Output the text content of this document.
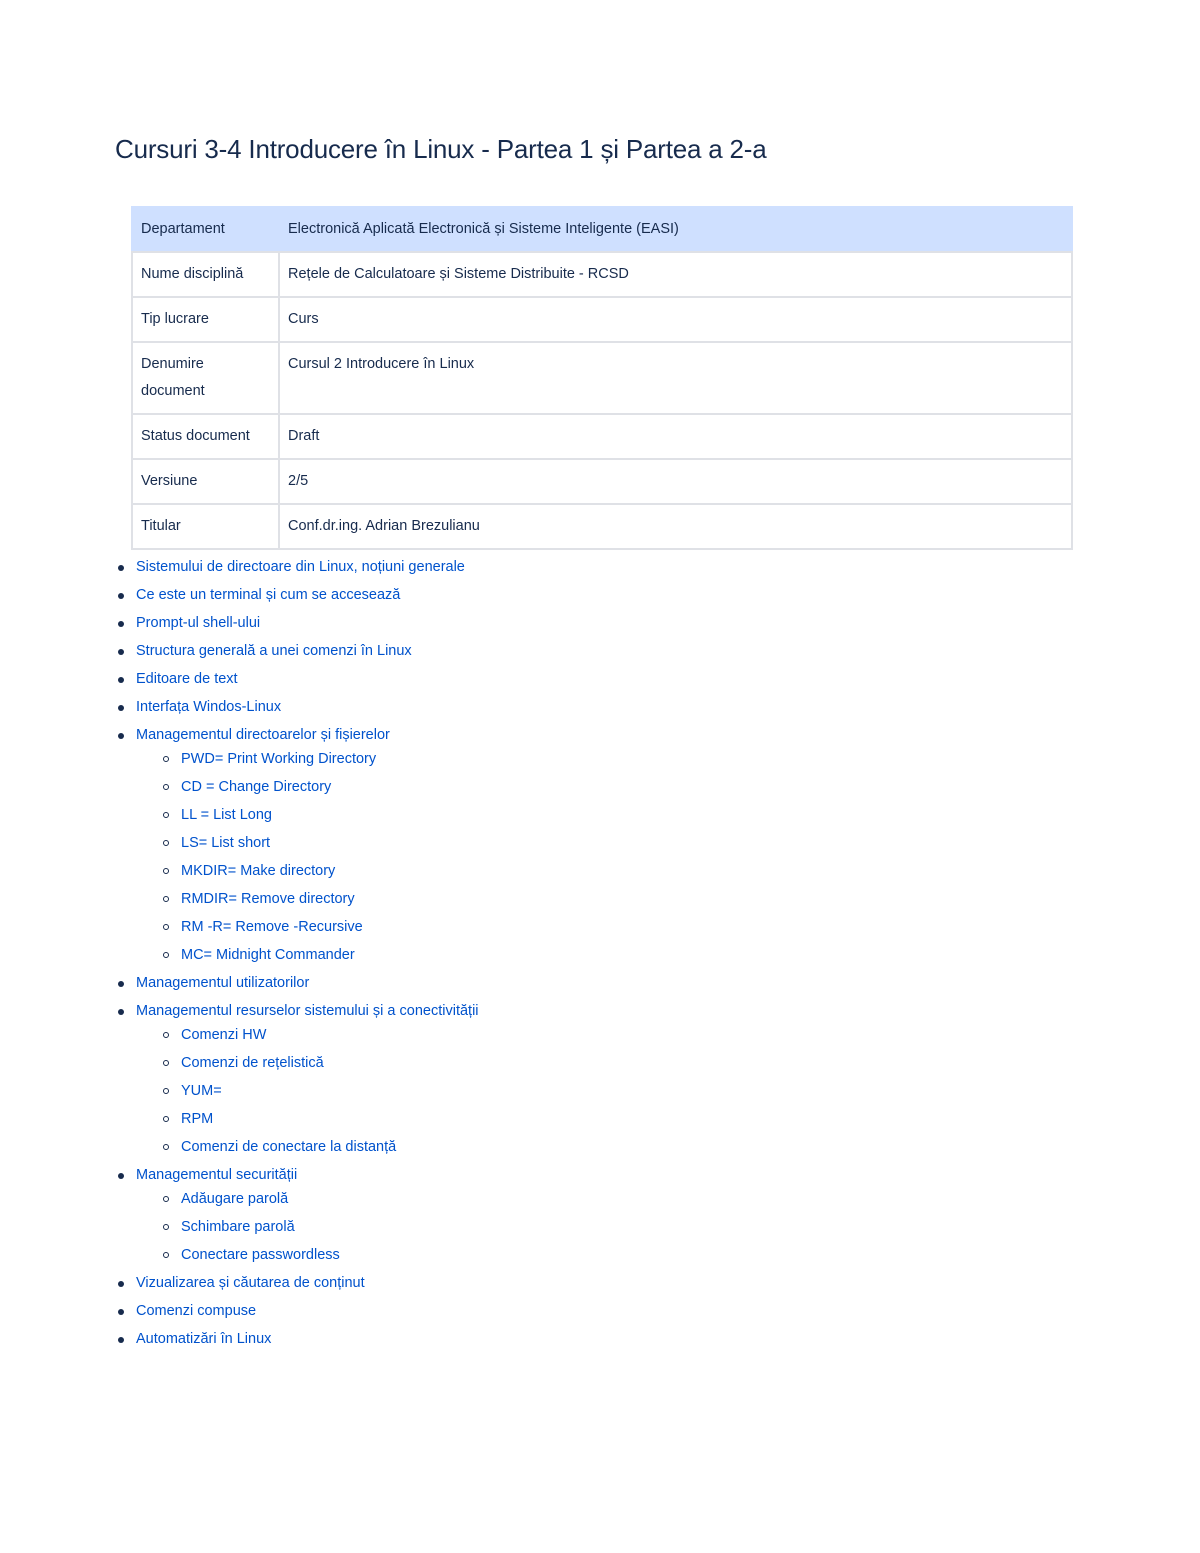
Cursuri 3-4 Introducere în Linux - Partea 1 și Partea a 2-a
Departament	Electronică Aplicată Electronică și Sisteme Inteligente (EASI)
Nume disciplină	Rețele de Calculatoare și Sisteme Distribuite - RCSD
Tip lucrare	Curs
Denumire document	Cursul 2 Introducere în Linux
Status document	Draft
Versiune	2/5
Titular	Conf.dr.ing. Adrian Brezulianu
Sistemului de directoare din Linux, noțiuni generale
Ce este un terminal și cum se accesează
Prompt-ul shell-ului
Structura generală a unei comenzi în Linux
Editoare de text
Interfața Windos-Linux
Managementul directoarelor și fișierelor
PWD= Print Working Directory
CD = Change Directory
LL = List Long
LS= List short
MKDIR= Make directory
RMDIR= Remove directory
RM -R= Remove -Recursive
MC= Midnight Commander
Managementul utilizatorilor
Managementul resurselor sistemului și a conectivității
Comenzi HW
Comenzi de rețelistică
YUM=
RPM
Comenzi de conectare la distanță
Managementul securității
Adăugare parolă
Schimbare parolă
Conectare passwordless
Vizualizarea și căutarea de conținut
Comenzi compuse
Automatizări în Linux
